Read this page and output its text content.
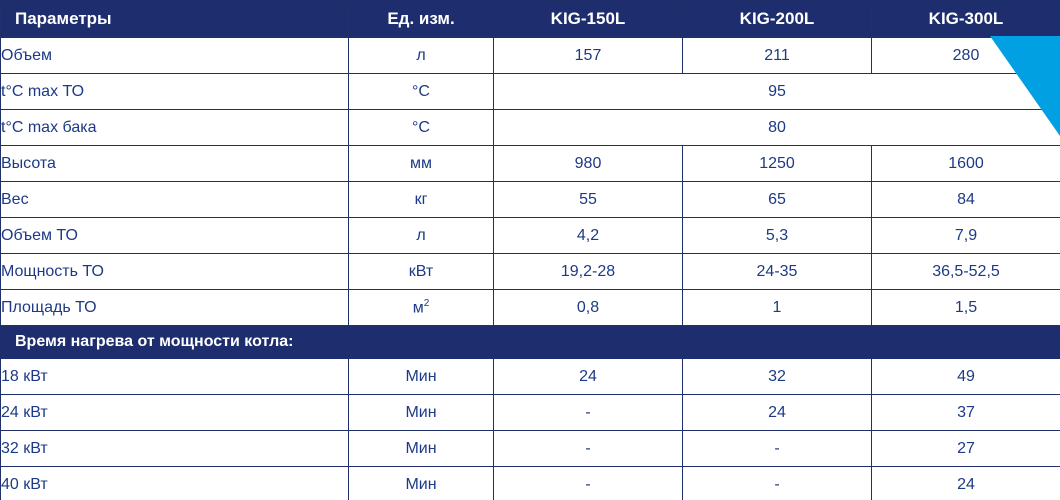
Параметры	Ед. изм.	KIG-150L	KIG-200L	KIG-300L
Объем	л	157	211	280
t°C max ТО	°C	95		
t°C max бака	°C	80		
Высота	мм	980	1250	1600
Вес	кг	55	65	84
Объем ТО	л	4,2	5,3	7,9
Мощность ТО	кВт	19,2-28	24-35	36,5-52,5
Площадь ТО	$м^2$	0,8	1	1,5
Время нагрева от мощности котла:				
18 кВт	Мин	24	32	49
24 кВт	Мин	-	24	37
32 кВт	Мин	-	-	27
40 кВт	Мин	-	-	24
